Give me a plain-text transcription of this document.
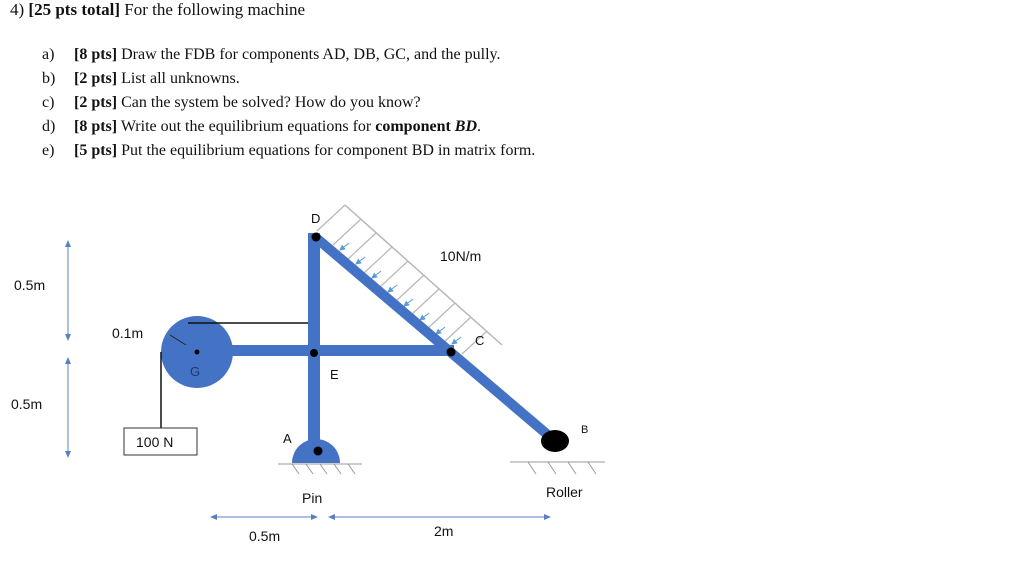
4) [25 pts total] For the following machine
a) [8 pts] Draw the FDB for components AD, DB, GC, and the pully.
b) [2 pts] List all unknowns.
c) [2 pts] Can the system be solved? How do you know?
d) [8 pts] Write out the equilibrium equations for component BD.
e) [5 pts] Put the equilibrium equations for component BD in matrix form.
D
C
E
A
B
G
10N/m
0.1m
100 N
0.5m
0.5m
0.5m	2m
Pin	Roller
